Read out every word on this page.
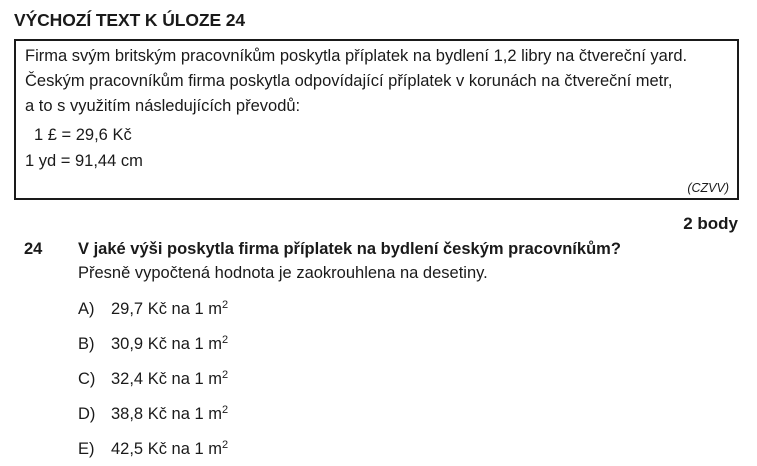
VÝCHOZÍ TEXT K ÚLOZE 24
Firma svým britským pracovníkům poskytla příplatek na bydlení 1,2 libry na čtvereční yard.
Českým pracovníkům firma poskytla odpovídající příplatek v korunách na čtvereční metr,
a to s využitím následujících převodů:
1 £ = 29,6 Kč
1 yd = 91,44 cm
(CZVV)
2 body
24 V jaké výši poskytla firma příplatek na bydlení českým pracovníkům?
Přesně vypočtená hodnota je zaokrouhlena na desetiny.
A) 29,7 Kč na 1 $m^2$
B) 30,9 Kč na 1 $m^2$
C) 32,4 Kč na 1 $m^2$
D) 38,8 Kč na 1 $m^2$
E) 42,5 Kč na 1 $m^2$
